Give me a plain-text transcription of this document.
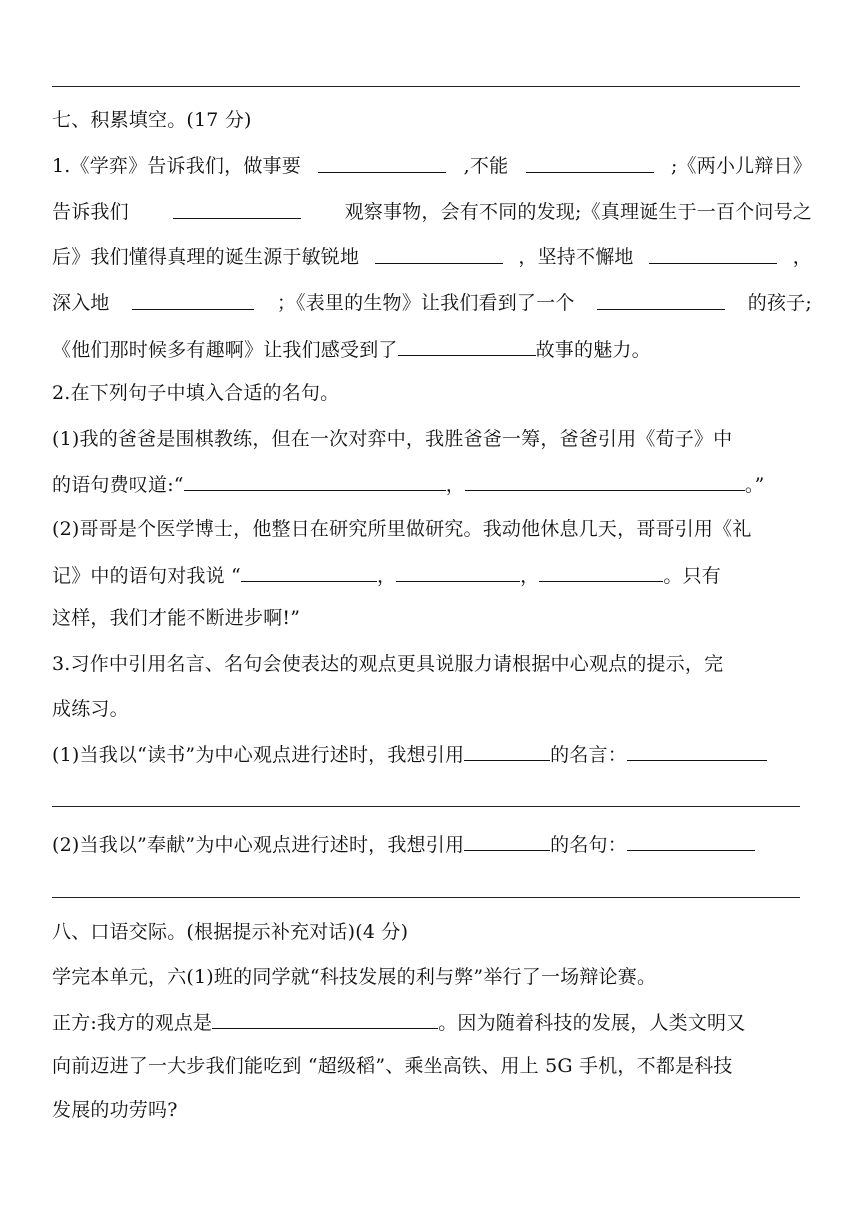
七、积累填空。(17 分)
1.《学弈》告诉我们，做事要	,不能	;《两小儿辩日》
告诉我们	观察事物，会有不同的发现;《真理诞生于一百个问号之
后》我们懂得真理的诞生源于敏锐地	，坚持不懈地	，
深入地	；《表里的生物》让我们看到了一个	的孩子;
《他们那时候多有趣啊》让我们感受到了	故事的魅力。
2.在下列句子中填入合适的名句。
(1)我的爸爸是围棋教练，但在一次对弈中，我胜爸爸一筹，爸爸引用《荀子》中
的语句费叹道:“	，	。”
(2)哥哥是个医学博士，他整日在研究所里做研究。我动他休息几天，哥哥引用《礼
记》中的语句对我说 “	，	，	。只有
这样，我们才能不断进步啊!”
3.习作中引用名言、名句会使表达的观点更具说服力请根据中心观点的提示，完
成练习。
(1)当我以“读书”为中心观点进行述时，我想引用	的名言：
(2)当我以”奉献”为中心观点进行述时，我想引用	的名句：
八、口语交际。(根据提示补充对话)(4 分)
学完本单元，六(1)班的同学就“科技发展的利与弊”举行了一场辩论赛。
正方:我方的观点是	。因为随着科技的发展，人类文明又
向前迈进了一大步我们能吃到 “超级稻”、乘坐高铁、用上 5G 手机，不都是科技
发展的功劳吗?
